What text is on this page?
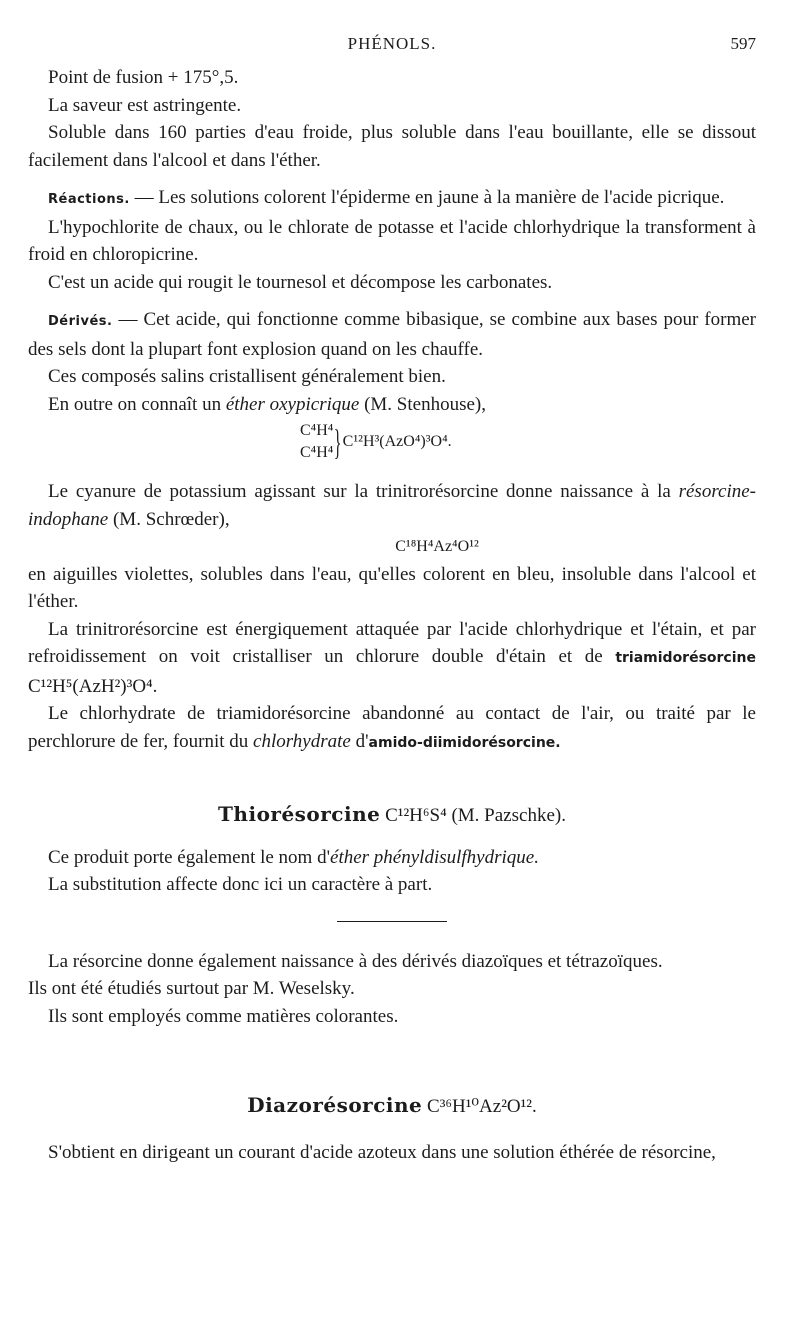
PHÉNOLS.	597

Point de fusion + 175°,5.

La saveur est astringente.

Soluble dans 160 parties d'eau froide, plus soluble dans l'eau bouillante, elle se dissout facilement dans l'alcool et dans l'éther.

Réactions. — Les solutions colorent l'épiderme en jaune à la manière de l'acide picrique.

L'hypochlorite de chaux, ou le chlorate de potasse et l'acide chlorhydrique la transforment à froid en chloropicrine.

C'est un acide qui rougit le tournesol et décompose les carbonates.

Dérivés. — Cet acide, qui fonctionne comme bibasique, se combine aux bases pour former des sels dont la plupart font explosion quand on les chauffe.

Ces composés salins cristallisent généralement bien.

En outre on connaît un éther oxypicrique (M. Stenhouse),

C⁴H⁴
C⁴H⁴}C¹²H³(AzO⁴)³O⁴.

Le cyanure de potassium agissant sur la trinitrorésorcine donne naissance à la résorcine-indophane (M. Schrœder),

C¹⁸H⁴Az⁴O¹²

en aiguilles violettes, solubles dans l'eau, qu'elles colorent en bleu, insoluble dans l'alcool et l'éther.

La trinitrorésorcine est énergiquement attaquée par l'acide chlorhydrique et l'étain, et par refroidissement on voit cristalliser un chlorure double d'étain et de triamidorésorcine C¹²H⁵(AzH²)³O⁴.

Le chlorhydrate de triamidorésorcine abandonné au contact de l'air, ou traité par le perchlorure de fer, fournit du chlorhydrate d'amido-diimidorésorcine.

Thiorésorcine C¹²H⁶S⁴ (M. Pazschke).

Ce produit porte également le nom d'éther phényldisulfhydrique.

La substitution affecte donc ici un caractère à part.

La résorcine donne également naissance à des dérivés diazoïques et tétrazoïques.

Ils ont été étudiés surtout par M. Weselsky.

Ils sont employés comme matières colorantes.

Diazorésorcine C³⁶H¹⁰Az²O¹².

S'obtient en dirigeant un courant d'acide azoteux dans une solution éthérée de résorcine,
